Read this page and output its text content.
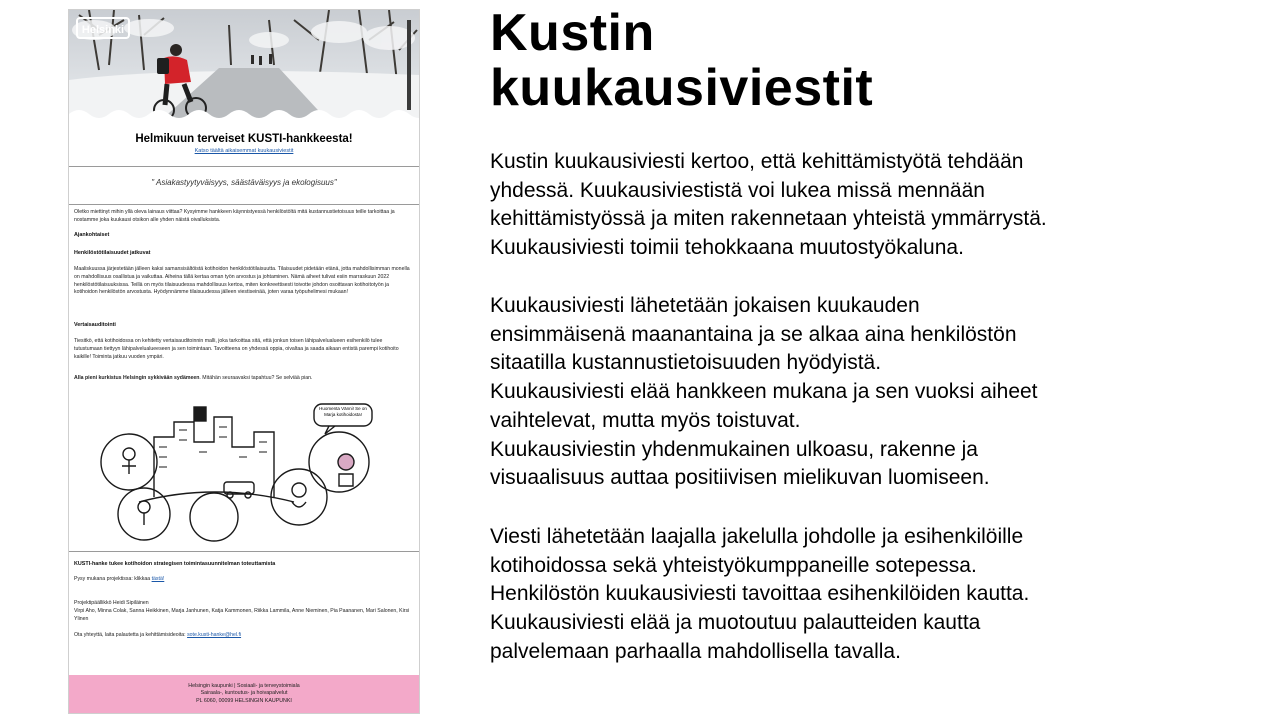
Helsinki
Helmikuun terveiset KUSTI-hankkeesta!
Katso täältä aikaisemmat kuukausiviestit
" Asiakastyytyväisyys, säästäväisyys ja ekologisuus"
Oletko miettinyt mihin yllä oleva lainaus viittaa? Kysyimme hankkeen käynnistyessä henkilöstöltä mitä kustannustietoisuus teille tarkoittaa ja nostamme joka kuukausi otsikon alle yhden näistä oivalluksista.
Ajankohtaiset
Henkilöstötilaisuudet jatkuvat
Maaliskuussa järjestetään jälleen kaksi samansisältöistä kotihoidon henkilöstötilaisuutta. Tilaisuudet pidetään etänä, jotta mahdollisimman monella on mahdollisuus osallistua ja vaikuttaa. Aiheina tällä kertaa oman työn arvostus ja johtaminen. Nämä aiheet tulivat esiin marraskuun 2022 henkilöstötilaisuuksissa. Teillä on myös tilaisuudessa mahdollisuus kertoa, miten konkreettisesti toivotte johdon osoittavan kotihoitotyön ja kotihoidon henkilöstön arvostusta. Hyödynnämme tilaisuudessa jälleen viestiseinää, joten varaa työpuhelimesi mukaan!
Vertaisauditointi
Tiesitkö, että kotihoidossa on kehitetty vertaisauditoinnin malli, joka tarkoittaa sitä, että jonkun toisen lähipalvelualueen esihenkilö tulee tutustumaan tiettyyn lähipalvelualueeseen ja sen toimintaan. Tavoitteena on yhdessä oppia, oivaltaa ja saada aikaan entistä parempi kotihoito kaikille! Toiminta jatkuu vuoden ympäri.
Alla pieni kurkistus Helsingin sykkivään sydämeen. Mitähän seuraavaksi tapahtuu? Se selviää pian.
Huomenta Vänni! Se on Marja kotihoidosta!
KUSTI-hanke tukee kotihoidon strategisen toimintasuunnitelman toteuttamista
Pysy mukana projektissa: klikkaa tästä!
Projektipäällikkö Heidi Sipiläinen
Virpi Aho, Minna Colak, Sanna Heikkinen, Marja Janhunen, Katja Kammonen, Riikka Lammila, Anne Nieminen, Pia Paananen, Mari Salonen, Kirsi Ylinen
Ota yhteyttä, laita palautetta ja kehittämisideoita: sote.kusti-hanke@hel.fi
Helsingin kaupunki | Sosiaali- ja terveystoimiala
Sairaala-, kuntoutus- ja hoivapalvelut
PL 6060, 00099 HELSINGIN KAUPUNKI
Kustin
kuukausiviestit
Kustin kuukausiviesti kertoo, että kehittämistyötä tehdään
yhdessä. Kuukausiviestistä voi lukea missä mennään
kehittämistyössä ja miten rakennetaan yhteistä ymmärrystä.
Kuukausiviesti toimii tehokkaana muutostyökaluna.
Kuukausiviesti lähetetään jokaisen kuukauden
ensimmäisenä maanantaina ja se alkaa aina henkilöstön
sitaatilla kustannustietoisuuden hyödyistä.
Kuukausiviesti elää hankkeen mukana ja sen vuoksi aiheet
vaihtelevat, mutta myös toistuvat.
Kuukausiviestin yhdenmukainen ulkoasu, rakenne ja
visuaalisuus auttaa positiivisen mielikuvan luomiseen.
Viesti lähetetään laajalla jakelulla johdolle ja esihenkilöille
kotihoidossa sekä yhteistyökumppaneille sotepessa.
Henkilöstön kuukausiviesti tavoittaa esihenkilöiden kautta.
Kuukausiviesti elää ja muotoutuu palautteiden kautta
palvelemaan parhaalla mahdollisella tavalla.
